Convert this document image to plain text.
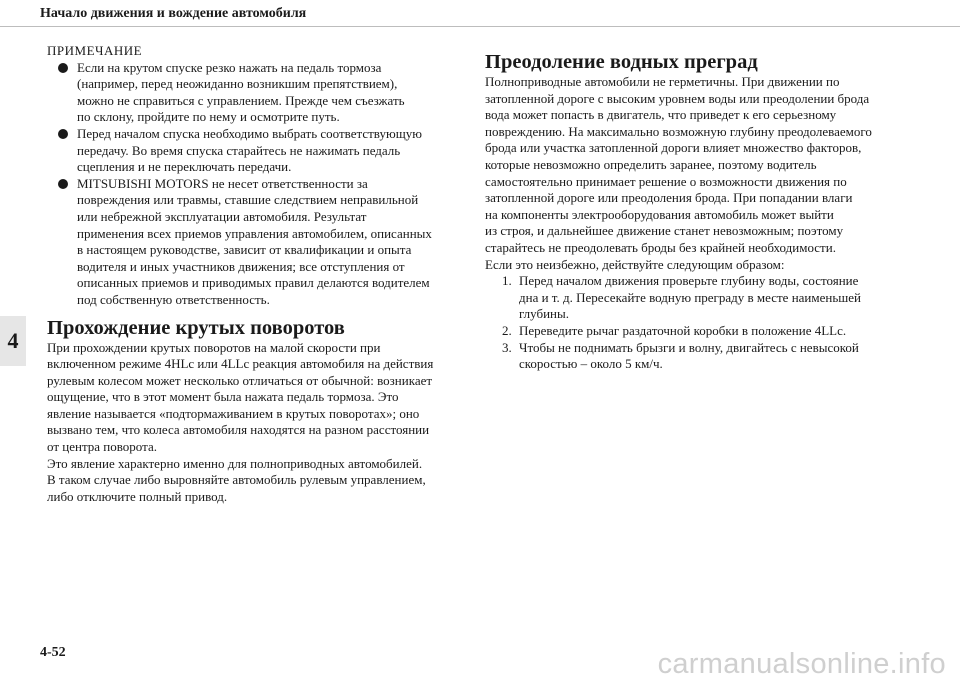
Начало движения и вождение автомобиля
4
ПРИМЕЧАНИЕ
Если на крутом спуске резко нажать на педаль тормоза
(например, перед неожиданно возникшим препятствием),
можно не справиться с управлением. Прежде чем съезжать
по склону, пройдите по нему и осмотрите путь.
Перед началом спуска необходимо выбрать соответствующую
передачу. Во время спуска старайтесь не нажимать педаль
сцепления и не переключать передачи.
MITSUBISHI MOTORS не несет ответственности за
повреждения или травмы, ставшие следствием неправильной
или небрежной эксплуатации автомобиля. Результат
применения всех приемов управления автомобилем, описанных
в настоящем руководстве, зависит от квалификации и опыта
водителя и иных участников движения; все отступления от
описанных приемов и приводимых правил делаются водителем
под собственную ответственность.
Прохождение крутых поворотов

При прохождении крутых поворотов на малой скорости при

включенном режиме 4HLc или 4LLc реакция автомобиля на действия

рулевым колесом может несколько отличаться от обычной: возникает

ощущение, что в этот момент была нажата педаль тормоза. Это

явление называется «подтормаживанием в крутых поворотах»; оно

вызвано тем, что колеса автомобиля находятся на разном расстоянии

от центра поворота.

Это явление характерно именно для полноприводных автомобилей.

В таком случае либо выровняйте автомобиль рулевым управлением,

либо отключите полный привод.

Преодоление водных преград

Полноприводные автомобили не герметичны. При движении по

затопленной дороге с высоким уровнем воды или преодолении брода

вода может попасть в двигатель, что приведет к его серьезному

повреждению. На максимально возможную глубину преодолеваемого

брода или участка затопленной дороги влияет множество факторов,

которые невозможно определить заранее, поэтому водитель

самостоятельно принимает решение о возможности движения по

затопленной дороге или преодоления брода. При попадании влаги

на компоненты электрооборудования автомобиль может выйти

из строя, и дальнейшее движение станет невозможным; поэтому

старайтесь не преодолевать броды без крайней необходимости.

Если это неизбежно, действуйте следующим образом:

1. Перед началом движения проверьте глубину воды, состояние
дна и т. д. Пересекайте водную преграду в месте наименьшей
глубины.
2. Переведите рычаг раздаточной коробки в положение 4LLc.
3. Чтобы не поднимать брызги и волну, двигайтесь с невысокой
скоростью – около 5 км/ч.
4-52	carmanualsonline.info
